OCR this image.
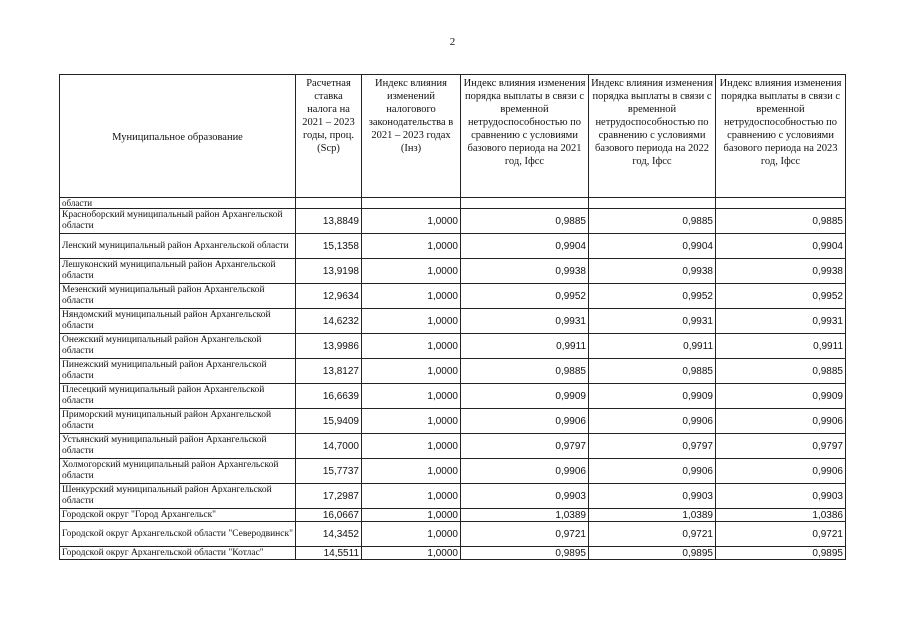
2
Муниципальное образование	Расчетная ставка налога на 2021 – 2023 годы, проц. (Scp)	Индекс влияния изменений налогового законодательства в 2021 – 2023 годах (Iнз)	Индекс влияния изменения порядка выплаты в связи с временной нетрудоспособностью по сравнению с условиями базового периода на 2021 год, Iфсс	Индекс влияния изменения порядка выплаты в связи с временной нетрудоспособностью по сравнению с условиями базового периода на 2022 год, Iфсс	Индекс влияния изменения порядка выплаты в связи с временной нетрудоспособностью по сравнению с условиями базового периода на 2023 год, Iфсс
области					
Красноборский муниципальный район Архангельской области	13,8849	1,0000	0,9885	0,9885	0,9885
Ленский муниципальный район Архангельской области	15,1358	1,0000	0,9904	0,9904	0,9904
Лешуконский муниципальный район Архангельской области	13,9198	1,0000	0,9938	0,9938	0,9938
Мезенский муниципальный район Архангельской области	12,9634	1,0000	0,9952	0,9952	0,9952
Няндомский муниципальный район Архангельской области	14,6232	1,0000	0,9931	0,9931	0,9931
Онежский муниципальный район Архангельской области	13,9986	1,0000	0,9911	0,9911	0,9911
Пинежский муниципальный район Архангельской области	13,8127	1,0000	0,9885	0,9885	0,9885
Плесецкий муниципальный район Архангельской области	16,6639	1,0000	0,9909	0,9909	0,9909
Приморский муниципальный район Архангельской области	15,9409	1,0000	0,9906	0,9906	0,9906
Устьянский муниципальный район Архангельской области	14,7000	1,0000	0,9797	0,9797	0,9797
Холмогорский муниципальный район Архангельской области	15,7737	1,0000	0,9906	0,9906	0,9906
Шенкурский муниципальный район Архангельской области	17,2987	1,0000	0,9903	0,9903	0,9903
Городской округ "Город Архангельск"	16,0667	1,0000	1,0389	1,0389	1,0386
Городской округ Архангельской области "Северодвинск"	14,3452	1,0000	0,9721	0,9721	0,9721
Городской округ Архангельской области "Котлас"	14,5511	1,0000	0,9895	0,9895	0,9895
